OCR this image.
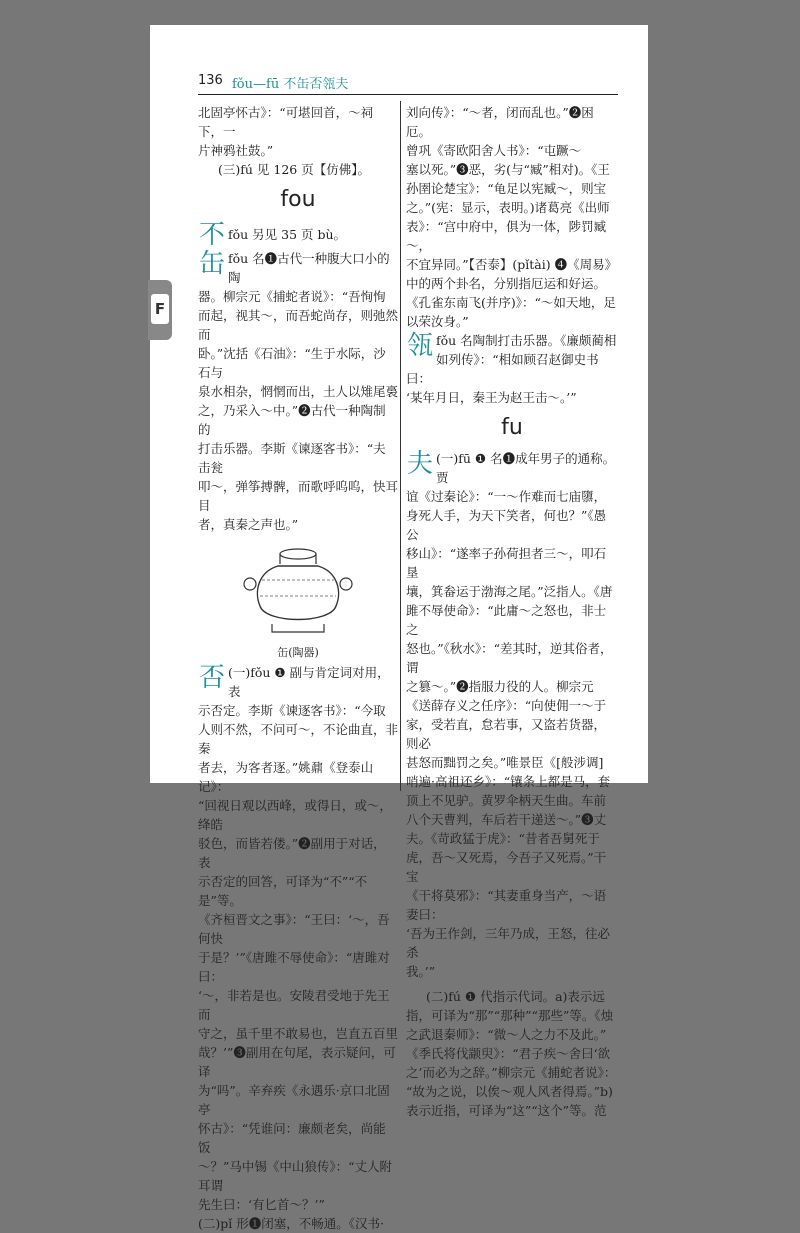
136 fǒu—fū 不缶否瓴夫
F

北固亭怀古》：“可堪回首，～祠下，一

片神鸦社鼓。”

(三)fú 见 126 页【仿佛】。

fou
不 fǒu 另见 35 页 bù。

缶 fǒu 名❶古代一种腹大口小的陶

器。柳宗元《捕蛇者说》：“吾恂恂

而起，视其～，而吾蛇尚存，则弛然而

卧。”沈括《石油》：“生于水际，沙石与

泉水相杂，惘惘而出，土人以雉尾裛

之，乃采入～中。”❷古代一种陶制的

打击乐器。李斯《谏逐客书》：“夫击瓮

叩～，弹筝搏髀，而歌呼呜呜，快耳目

者，真秦之声也。”

缶(陶器)
否 (一)fǒu ❶ 副与肯定词对用，表

示否定。李斯《谏逐客书》：“今取

人则不然，不问可～，不论曲直，非秦

者去，为客者逐。”姚鼐《登泰山记》：

“回视日观以西峰，或得日，或～，绛皓

驳色，而皆若偻。”❷副用于对话，表

示否定的回答，可译为“不”“不是”等。

《齐桓晋文之事》：“王曰：‘～，吾何快

于是？’”《唐雎不辱使命》：“唐雎对曰：

‘～，非若是也。安陵君受地于先王而

守之，虽千里不敢易也，岂直五百里

哉？’”❸副用在句尾，表示疑问，可译

为“吗”。辛弃疾《永遇乐·京口北固亭

怀古》：“凭谁问：廉颇老矣，尚能饭

～？”马中锡《中山狼传》：“丈人附耳谓

先生曰：‘有匕首～？’”

(二)pǐ 形❶闭塞，不畅通。《汉书·

刘向传》：“～者，闭而乱也。”❷困厄。

曾巩《寄欧阳舍人书》：“屯蹶～

塞以死。”❸恶，劣(与“臧”相对)。《王

孙圉论楚宝》：“龟足以宪臧～，则宝

之。”(宪：显示，表明。)诸葛亮《出师

表》：“宫中府中，俱为一体，陟罚臧～，

不宜异同。”【否泰】(pǐtài) ❹《周易》

中的两个卦名，分别指厄运和好运。

《孔雀东南飞(并序)》：“～如天地，足

以荣汝身。”

瓴 fǒu 名陶制打击乐器。《廉颇蔺相

如列传》：“相如顾召赵御史书曰：

‘某年月日，秦王为赵王击～。’”

fu
夫 (一)fū ❶ 名❶成年男子的通称。贾

谊《过秦论》：“一～作难而七庙隳，

身死人手，为天下笑者，何也？”《愚公

移山》：“遂率子孙荷担者三～，叩石垦

壤，箕畚运于渤海之尾。”泛指人。《唐

雎不辱使命》：“此庸～之怒也，非士之

怒也。”《秋水》：“差其时，逆其俗者，谓

之篡～。”❷指服力役的人。柳宗元

《送薛存义之任序》：“向使佣一～于

家，受若直，怠若事，又盗若货器，则必

甚怒而黜罚之矣。”唯景臣《[般涉调]

哨遍·高祖还乡》：“镶条上都是马，套

顶上不见驴。黄罗伞柄天生曲。车前

八个天曹判，车后若干递送～。”❸丈

夫。《苛政猛于虎》：“昔者吾舅死于

虎，吾～又死焉，今吾子又死焉。”干宝

《干将莫邪》：“其妻重身当产，～语妻曰：

‘吾为王作剑，三年乃成，王怒，往必杀

我。’”

(二)fú ❶ 代指示代词。a)表示远

指，可译为“那”“那种”“那些”等。《烛

之武退秦师》：“微～人之力不及此。”

《季氏将伐颛臾》：“君子疾～舍曰‘欲

之’而必为之辞。”柳宗元《捕蛇者说》：

“故为之说，以俟～观人风者得焉。”b)

表示近指，可译为“这”“这个”等。范
